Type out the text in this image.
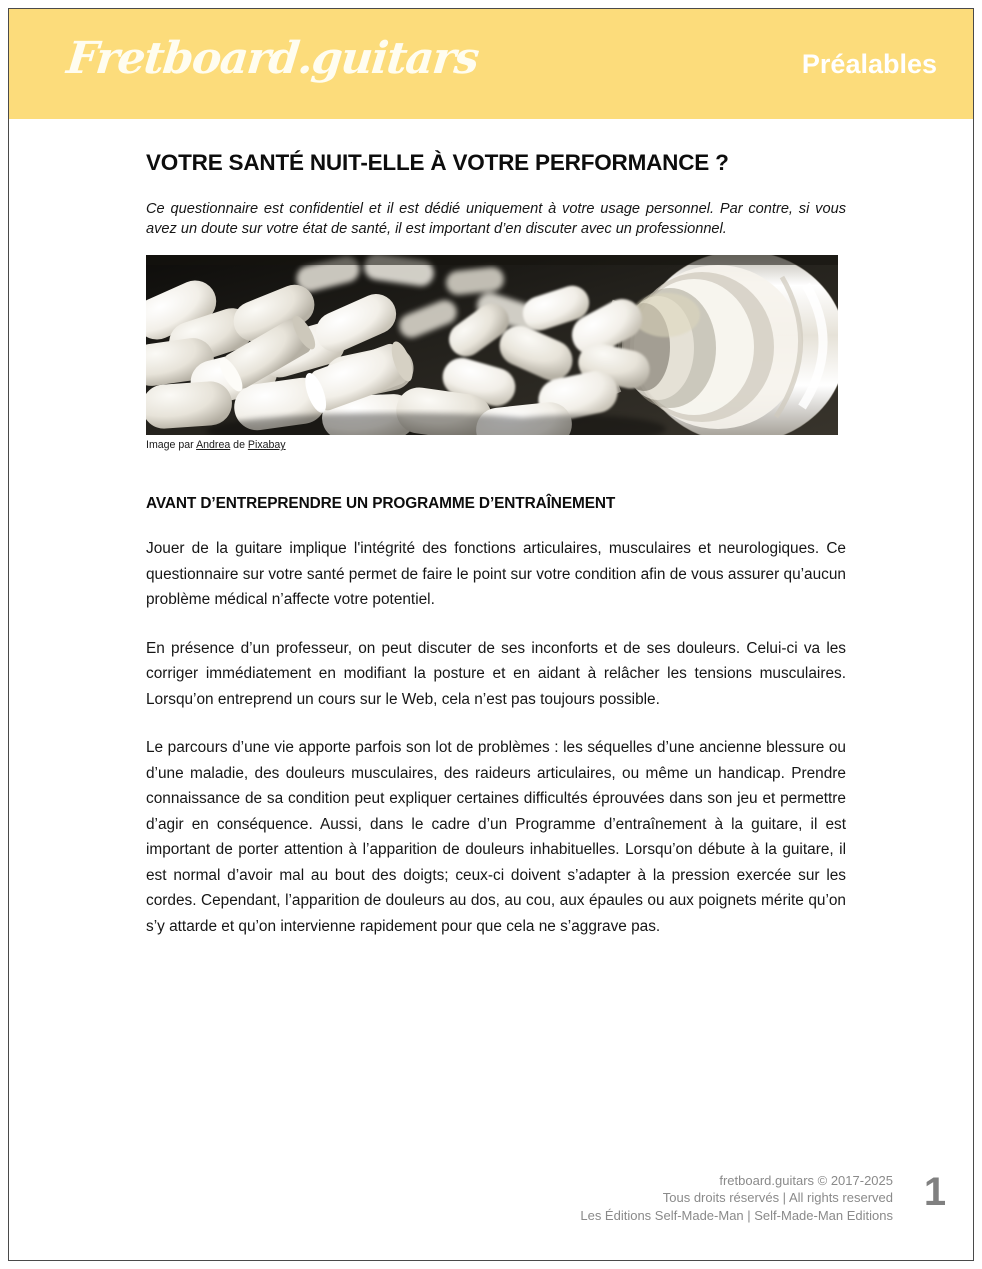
Fretboard.guitars	Préalables
VOTRE SANTÉ NUIT-ELLE À VOTRE PERFORMANCE ?

Ce questionnaire est confidentiel et il est dédié uniquement à votre usage personnel. Par contre, si vous avez un doute sur votre état de santé, il est important d’en discuter avec un professionnel.

Image par Andrea de Pixabay
AVANT D’ENTREPRENDRE UN PROGRAMME D’ENTRAÎNEMENT

Jouer de la guitare implique l'intégrité des fonctions articulaires, musculaires et neurologiques. Ce questionnaire sur votre santé permet de faire le point sur votre condition afin de vous assurer qu’aucun problème médical n’affecte votre potentiel.

En présence d’un professeur, on peut discuter de ses inconforts et de ses douleurs. Celui-ci va les corriger immédiatement en modifiant la posture et en aidant à relâcher les tensions musculaires. Lorsqu’on entreprend un cours sur le Web, cela n’est pas toujours possible.

Le parcours d’une vie apporte parfois son lot de problèmes : les séquelles d’une ancienne blessure ou d’une maladie, des douleurs musculaires, des raideurs articulaires, ou même un handicap. Prendre connaissance de sa condition peut expliquer certaines difficultés éprouvées dans son jeu et permettre d’agir en conséquence. Aussi, dans le cadre d’un Programme d’entraînement à la guitare, il est important de porter attention à l’apparition de douleurs inhabituelles. Lorsqu’on débute à la guitare, il est normal d’avoir mal au bout des doigts; ceux-ci doivent s’adapter à la pression exercée sur les cordes. Cependant, l’apparition de douleurs au dos, au cou, aux épaules ou aux poignets mérite qu’on s’y attarde et qu’on intervienne rapidement pour que cela ne s’aggrave pas.

fretboard.guitars © 2017-2025
Tous droits réservés | All rights reserved
Les Éditions Self-Made-Man | Self-Made-Man Editions
1
